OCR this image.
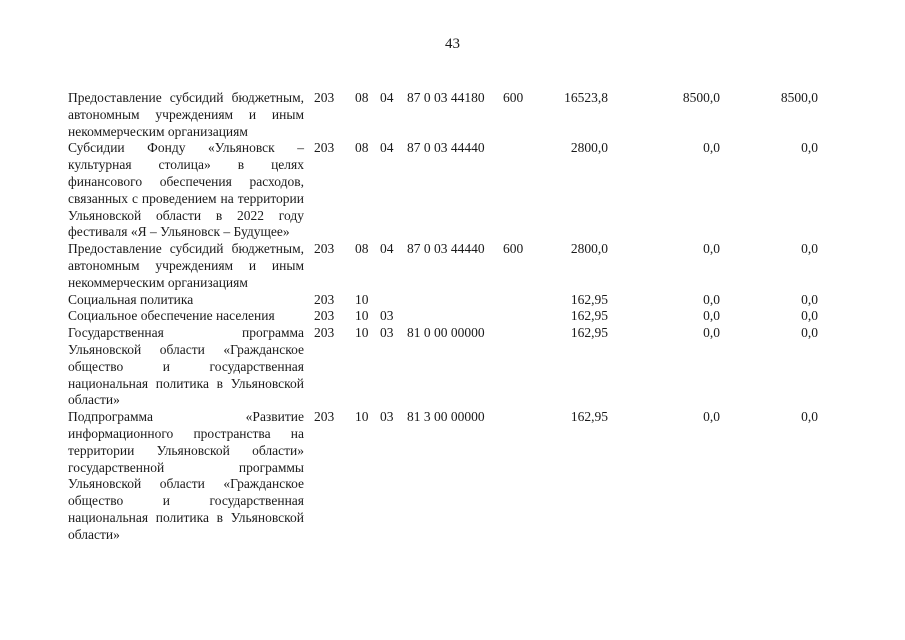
43
Предоставление субсидий бюджетным, автономным учреждениям и иным некоммерческим организациям
203 08 04 87 0 03 44180 600	16523,8	8500,0	8500,0
Субсидии Фонду «Ульяновск – культурная столица» в целях финансового обеспечения расходов, связанных с проведением на территории Ульяновской области в 2022 году фестиваля «Я – Ульяновск – Будущее»
203 08 04 87 0 03 44440	2800,0	0,0	0,0
Предоставление субсидий бюджетным, автономным учреждениям и иным некоммерческим организациям
203 08 04 87 0 03 44440 600	2800,0	0,0	0,0
Социальная политика	203 10	162,95	0,0	0,0
Социальное обеспечение населения	203 10 03	162,95	0,0	0,0
Государственная программа Ульяновской области «Гражданское общество и государственная национальная политика в Ульяновской области»
203 10 03 81 0 00 00000	162,95	0,0	0,0
Подпрограмма «Развитие информационного пространства на территории Ульяновской области» государственной программы Ульяновской области «Гражданское общество и государственная национальная политика в Ульяновской области»
203 10 03 81 3 00 00000	162,95	0,0	0,0
